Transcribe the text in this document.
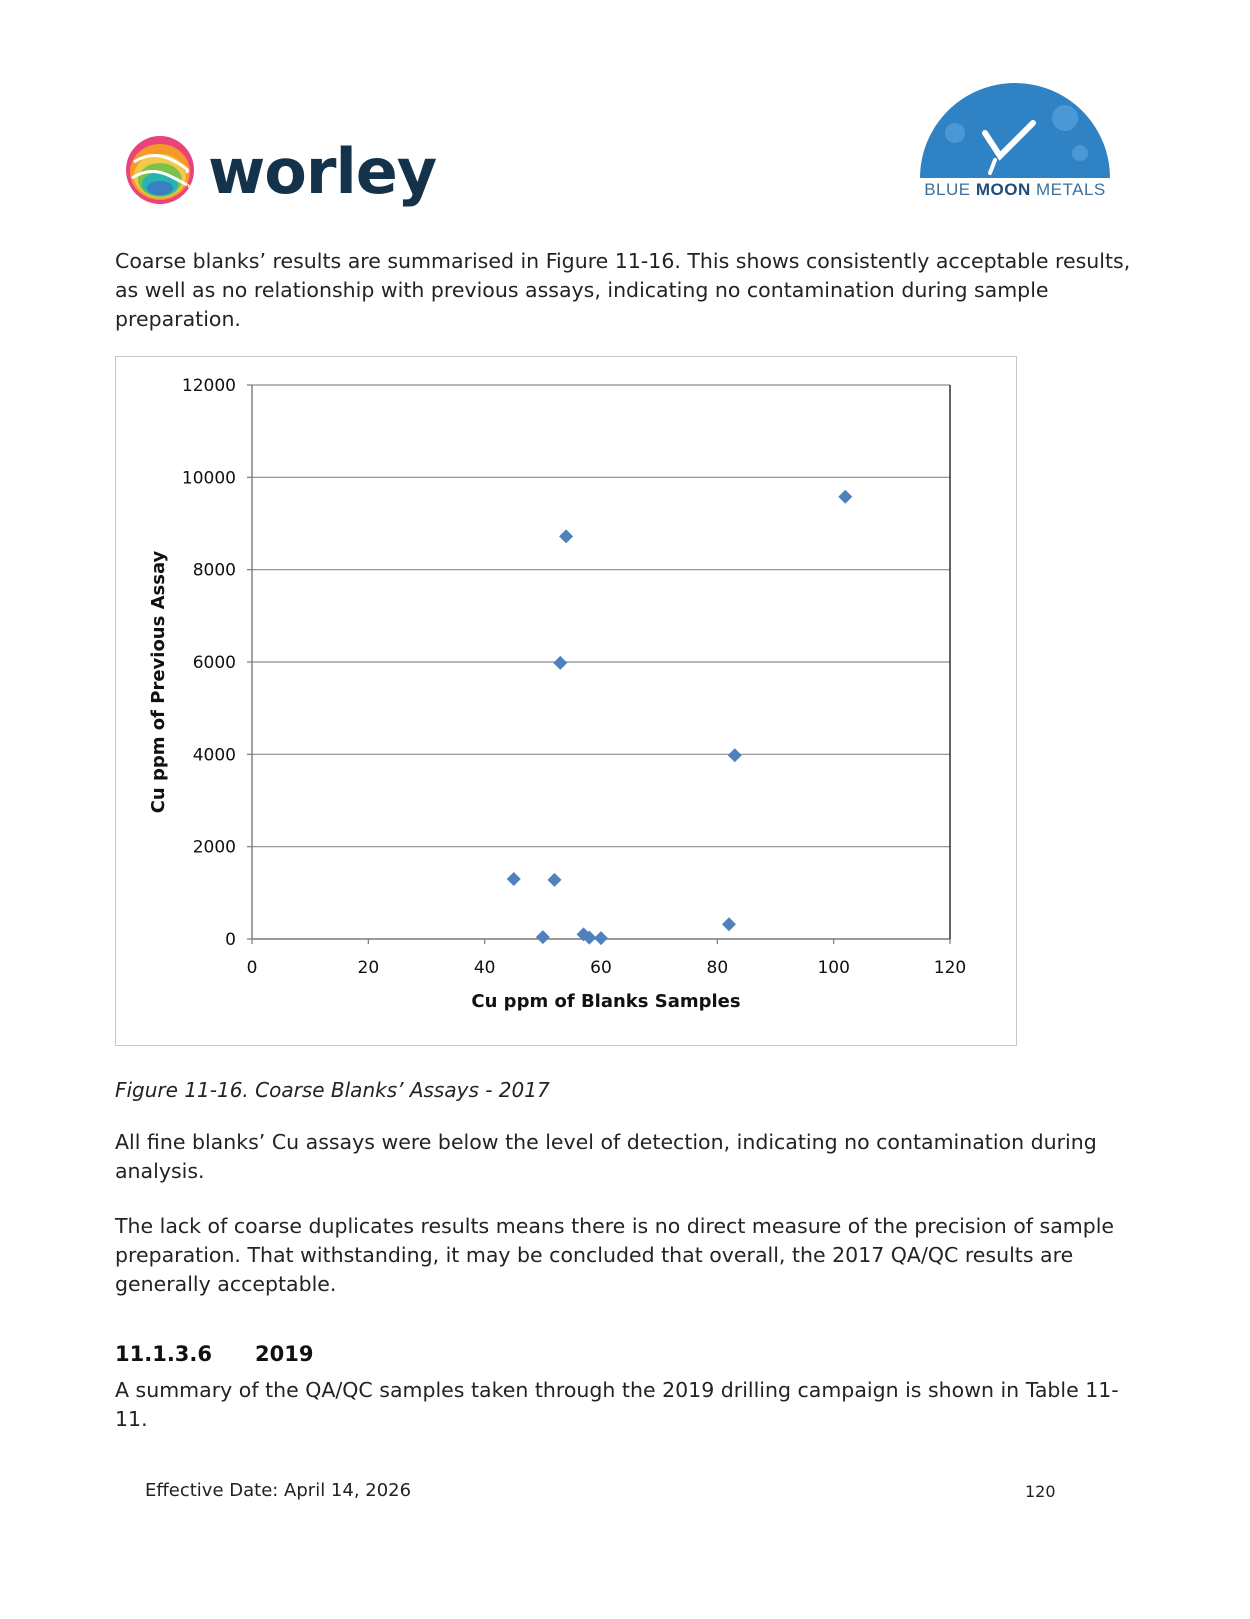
worley	BLUE MOON METALS
Coarse blanks’ results are summarised in Figure 11-16. This shows consistently acceptable results, as well as no relationship with previous assays, indicating no contamination during sample preparation.
0
2000
4000
6000
8000
10000
12000
0	20	40	60	80	100	120
Cu ppm of Blanks Samples
Cu ppm of Previous Assay
Figure 11-16. Coarse Blanks’ Assays - 2017
All fine blanks’ Cu assays were below the level of detection, indicating no contamination during analysis.
The lack of coarse duplicates results means there is no direct measure of the precision of sample preparation. That withstanding, it may be concluded that overall, the 2017 QA/QC results are generally acceptable.
11.1.3.6 2019
A summary of the QA/QC samples taken through the 2019 drilling campaign is shown in Table 11-11.
Effective Date: April 14, 2026	120
